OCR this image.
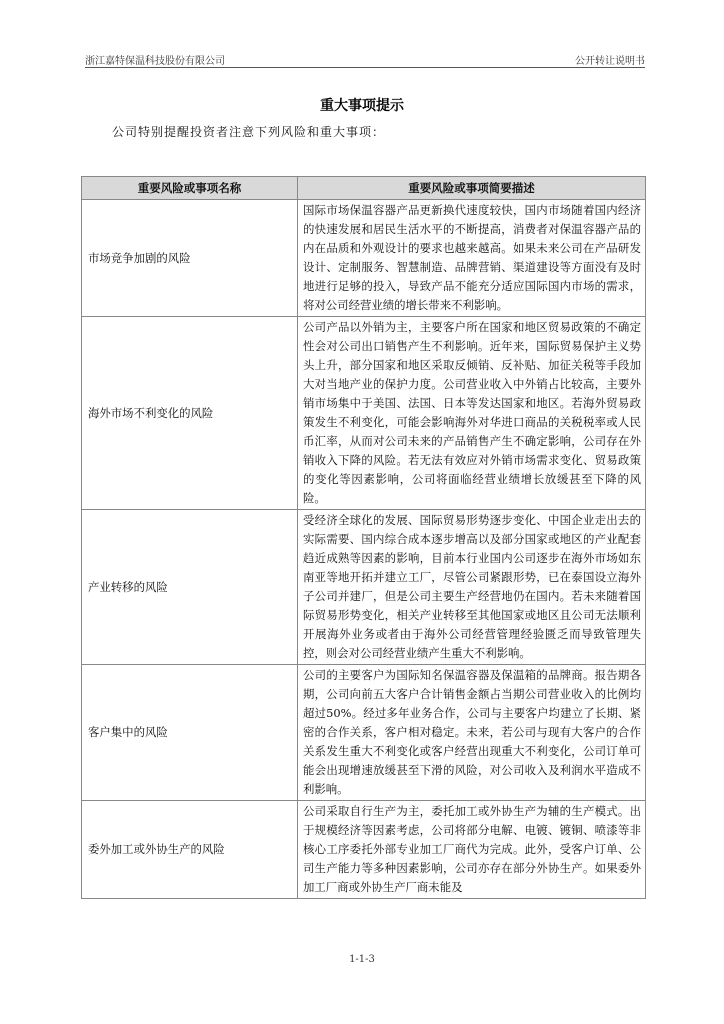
浙江嘉特保温科技股份有限公司	公开转让说明书
重大事项提示
公司特别提醒投资者注意下列风险和重大事项：
重要风险或事项名称	重要风险或事项简要描述
市场竞争加剧的风险	国际市场保温容器产品更新换代速度较快，国内市场随着国内经济的快速发展和居民生活水平的不断提高，消费者对保温容器产品的内在品质和外观设计的要求也越来越高。如果未来公司在产品研发设计、定制服务、智慧制造、品牌营销、渠道建设等方面没有及时地进行足够的投入，导致产品不能充分适应国际国内市场的需求，将对公司经营业绩的增长带来不利影响。
海外市场不利变化的风险	公司产品以外销为主，主要客户所在国家和地区贸易政策的不确定性会对公司出口销售产生不利影响。近年来，国际贸易保护主义势头上升，部分国家和地区采取反倾销、反补贴、加征关税等手段加大对当地产业的保护力度。公司营业收入中外销占比较高，主要外销市场集中于美国、法国、日本等发达国家和地区。若海外贸易政策发生不利变化，可能会影响海外对华进口商品的关税税率或人民币汇率，从而对公司未来的产品销售产生不确定影响，公司存在外销收入下降的风险。若无法有效应对外销市场需求变化、贸易政策的变化等因素影响，公司将面临经营业绩增长放缓甚至下降的风险。
产业转移的风险	受经济全球化的发展、国际贸易形势逐步变化、中国企业走出去的实际需要、国内综合成本逐步增高以及部分国家或地区的产业配套趋近成熟等因素的影响，目前本行业国内公司逐步在海外市场如东南亚等地开拓并建立工厂，尽管公司紧跟形势，已在泰国设立海外子公司并建厂，但是公司主要生产经营地仍在国内。若未来随着国际贸易形势变化，相关产业转移至其他国家或地区且公司无法顺利开展海外业务或者由于海外公司经营管理经验匮乏而导致管理失控，则会对公司经营业绩产生重大不利影响。
客户集中的风险	公司的主要客户为国际知名保温容器及保温箱的品牌商。报告期各期，公司向前五大客户合计销售金额占当期公司营业收入的比例均超过50%。经过多年业务合作，公司与主要客户均建立了长期、紧密的合作关系，客户相对稳定。未来，若公司与现有大客户的合作关系发生重大不利变化或客户经营出现重大不利变化，公司订单可能会出现增速放缓甚至下滑的风险，对公司收入及利润水平造成不利影响。
委外加工或外协生产的风险	公司采取自行生产为主，委托加工或外协生产为辅的生产模式。出于规模经济等因素考虑，公司将部分电解、电镀、镀铜、喷漆等非核心工序委托外部专业加工厂商代为完成。此外，受客户订单、公司生产能力等多种因素影响，公司亦存在部分外协生产。如果委外加工厂商或外协生产厂商未能及
1-1-3
